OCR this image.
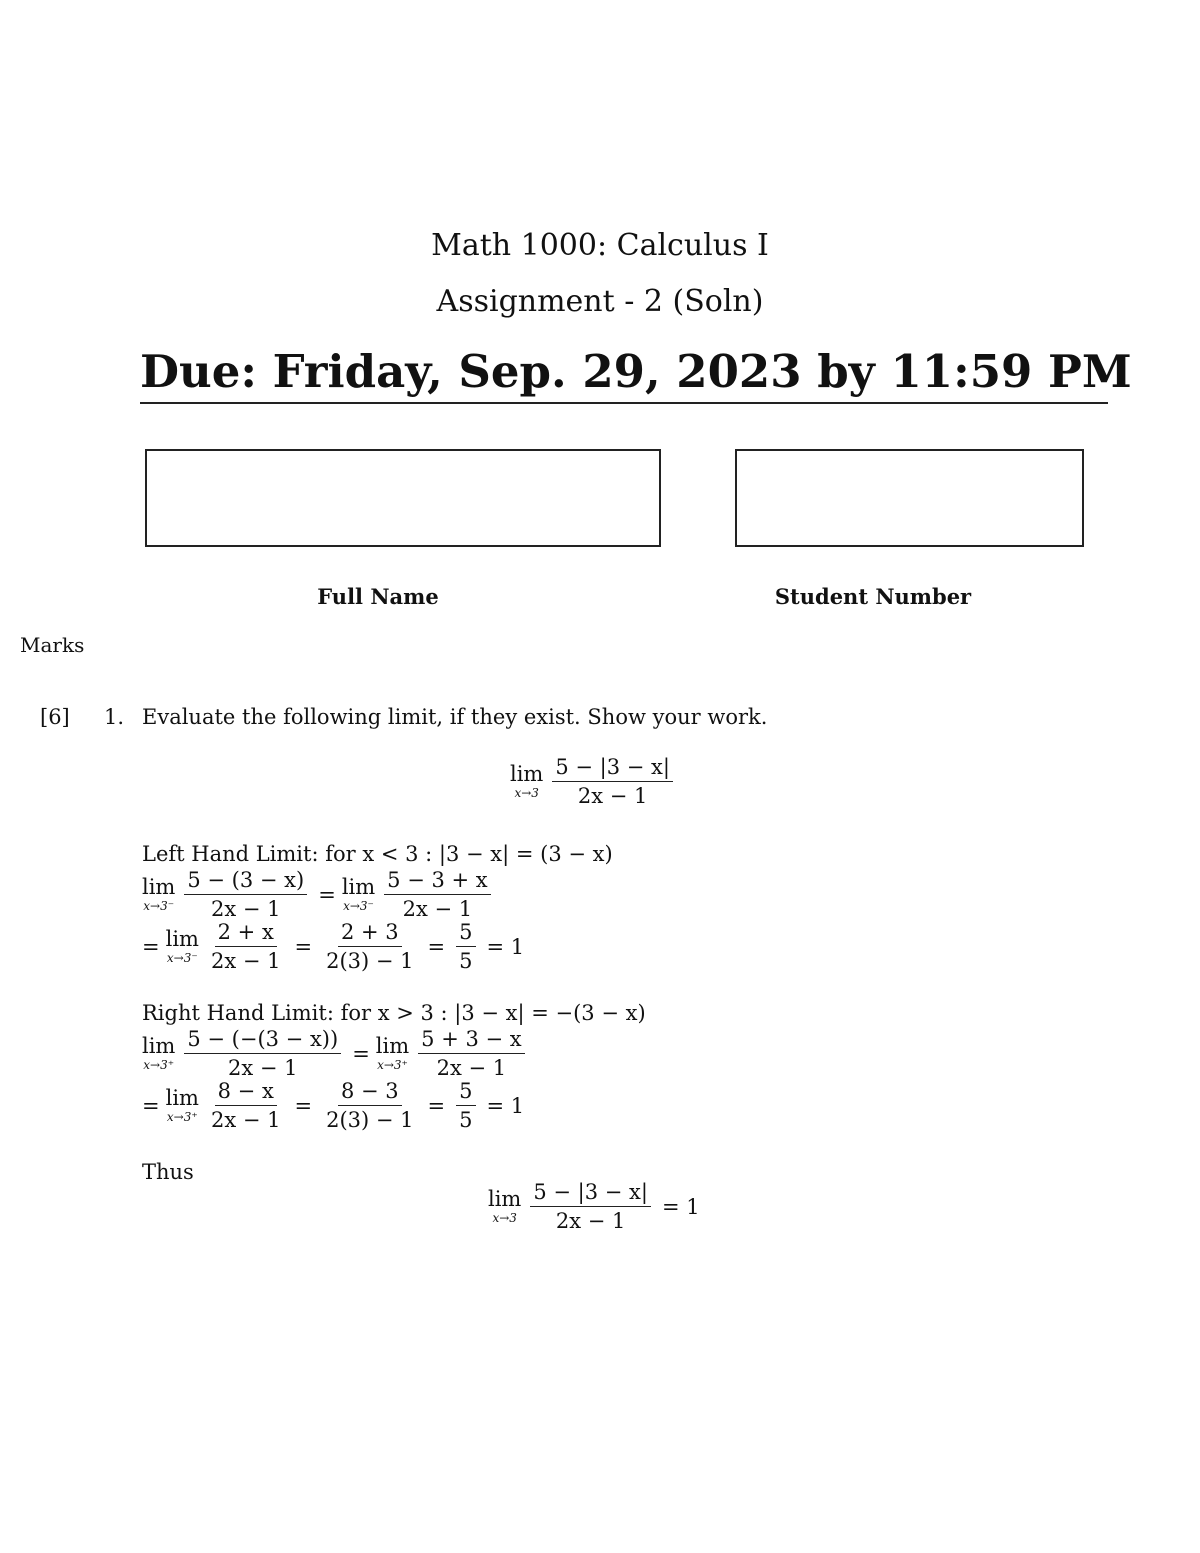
Math 1000: Calculus I
Assignment - 2 (Soln)
Due: Friday, Sep. 29, 2023 by 11:59 PM
Full Name	Student Number
Marks
[6] 1. Evaluate the following limit, if they exist. Show your work.
lim
$x\to 3 \frac{5 - |3 - x|}{2x - 1}$
Left Hand Limit: for x < 3 : |3 − x| = (3 − x)
lim
$x\to 3^- \frac{5 - (3 - x)}{2x - 1} = \lim$
$x\to 3^- \frac{5 - 3 + x}{2x - 1}$
= lim
$x\to 3^- \frac{2 + x}{2x - 1} = \frac{2 + 3}{2(3) - 1} = \frac{5}{5} = 1$
Right Hand Limit: for x > 3 : |3 − x| = −(3 − x)
lim
$x\to 3^+ \frac{5 - (-(3 - x))}{2x - 1} = \lim$
$x\to 3^+ \frac{5 + 3 - x}{2x - 1}$
= lim
$x\to 3^+ \frac{8 - x}{2x - 1} = \frac{8 - 3}{2(3) - 1} = \frac{5}{5} = 1$
Thus
lim
$x\to 3 \frac{5 - |3 - x|}{2x - 1} = 1$
